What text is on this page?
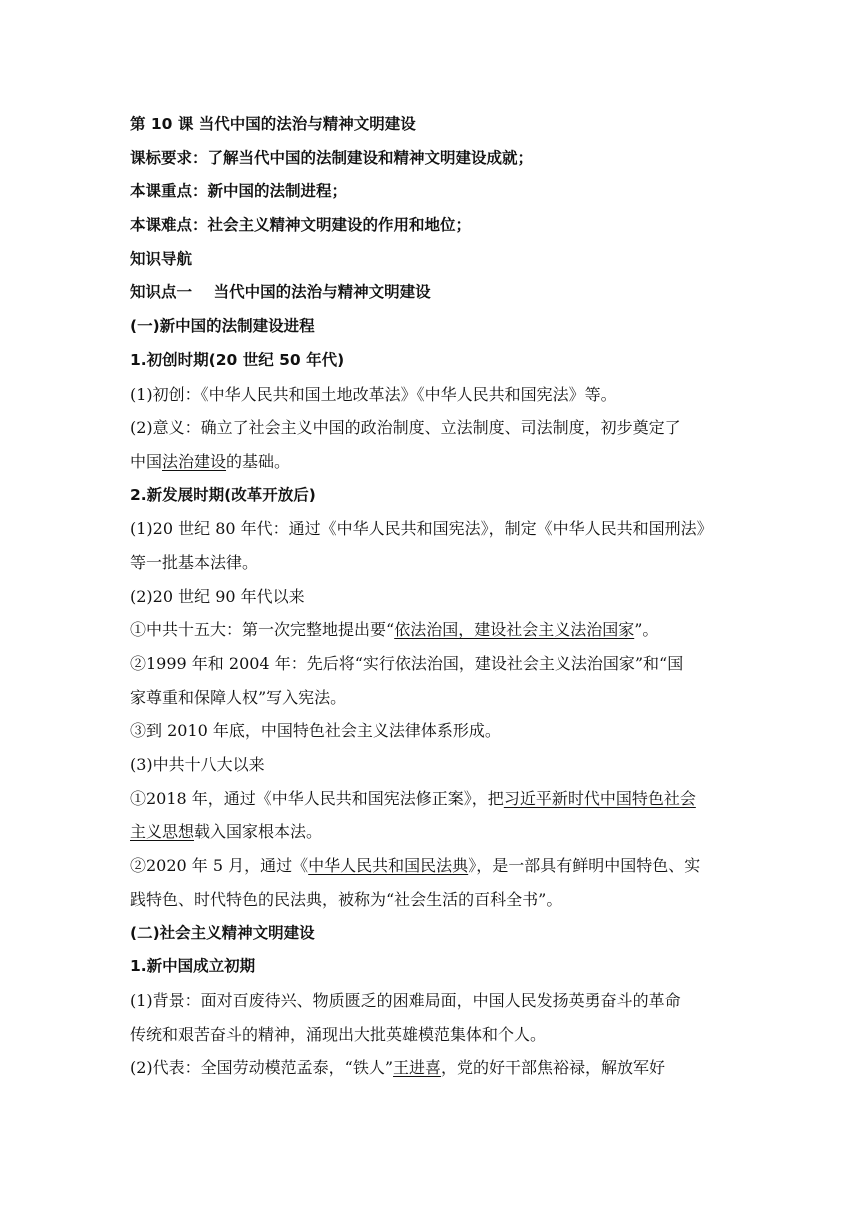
第 10 课 当代中国的法治与精神文明建设
课标要求：了解当代中国的法制建设和精神文明建设成就；
本课重点：新中国的法制进程；
本课难点：社会主义精神文明建设的作用和地位；
知识导航
知识点一    当代中国的法治与精神文明建设
(一)新中国的法制建设进程
1.初创时期(20 世纪 50 年代)
(1)初创：《中华人民共和国土地改革法》《中华人民共和国宪法》等。
(2)意义：确立了社会主义中国的政治制度、立法制度、司法制度，初步奠定了
中国法治建设的基础。
2.新发展时期(改革开放后)
(1)20 世纪 80 年代：通过《中华人民共和国宪法》，制定《中华人民共和国刑法》
等一批基本法律。
(2)20 世纪 90 年代以来
①中共十五大：第一次完整地提出要“依法治国，建设社会主义法治国家”。
②1999 年和 2004 年：先后将“实行依法治国，建设社会主义法治国家”和“国
家尊重和保障人权”写入宪法。
③到 2010 年底，中国特色社会主义法律体系形成。
(3)中共十八大以来
①2018 年，通过《中华人民共和国宪法修正案》，把习近平新时代中国特色社会
主义思想载入国家根本法。
②2020 年 5 月，通过《中华人民共和国民法典》，是一部具有鲜明中国特色、实
践特色、时代特色的民法典，被称为“社会生活的百科全书”。
(二)社会主义精神文明建设
1.新中国成立初期
(1)背景：面对百废待兴、物质匮乏的困难局面，中国人民发扬英勇奋斗的革命
传统和艰苦奋斗的精神，涌现出大批英雄模范集体和个人。
(2)代表：全国劳动模范孟泰，“铁人”王进喜，党的好干部焦裕禄，解放军好
